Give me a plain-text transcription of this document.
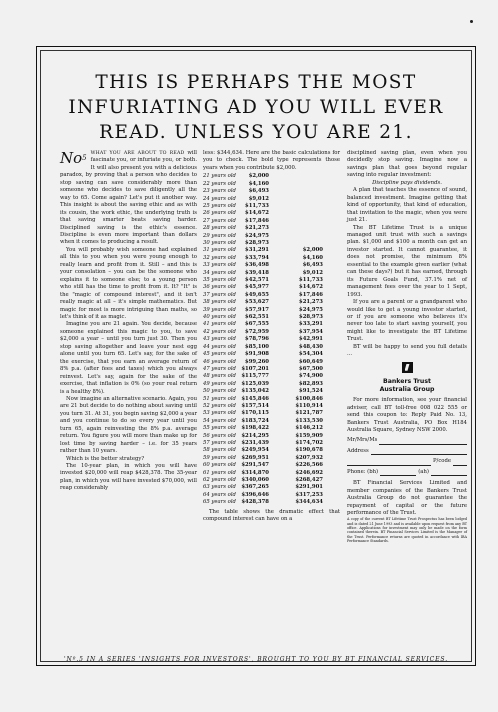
THIS IS PERHAPS THE MOST
INFURIATING AD YOU WILL EVER
READ. UNLESS YOU ARE 21.

No$^5$
WHAT YOU ARE ABOUT TO READ will fascinate you, or infuriate you, or both. It will also present you with a delicious paradox, by proving that a person who decides to stop saving can save considerably more than someone who decides to save diligently all the way to 65. Come again? Let's put it another way. This insight is about the saving ethic and as with its cousin, the work ethic, the underlying truth is that saving smarter beats saving harder. Disciplined saving is the ethic's essence. Discipline is even more important than dollars when it comes to producing a result.

You will probably wish someone had explained all this to you when you were young enough to really learn and profit from it. Still – and this is your consolation – you can be the someone who explains it to someone else; to a young person who still has the time to profit from it. It? "It" is the "magic of compound interest", and it isn't really magic at all – it's simple mathematics. But magic for most is more intriguing than maths, so let's think of it as magic.

Imagine you are 21 again. You decide, because someone explained this magic to you, to save $2,000 a year – until you turn just 30. Then you stop saving altogether and leave your nest egg alone until you turn 65. Let's say, for the sake of the exercise, that you earn an average return of 8% p.a. (after fees and taxes) which you always reinvest. Let's say, again for the sake of the exercise, that inflation is 0% (so your real return is a healthy 8%).

Now imagine an alternative scenario. Again, you are 21 but decide to do nothing about saving until you turn 31. At 31, you begin saving $2,000 a year and you continue to do so every year until you turn 65, again reinvesting the 8% p.a. average return. You figure you will more than make up for lost time by saving harder – i.e. for 35 years rather than 10 years.

Which is the better strategy?

The 10-year plan, in which you will have invested $20,000 will reap $428,378. The 35-year plan, in which you will have invested $70,000, will reap considerably

less: $344,634. Here are the basic calculations for you to check. The bold type represents those years when you contribute $2,000.

21 years old	$2,000
22 years old	$4,160
23 years old	$6,493
24 years old	$9,012
25 years old	$11,733
26 years old	$14,672
27 years old	$17,846
28 years old	$21,273
29 years old	$24,975
30 years old	$28,973
31 years old	$31,291	$2,000
32 years old	$33,794	$4,160
33 years old	$36,498	$6,493
34 years old	$39,418	$9,012
35 years old	$42,571	$11,733
36 years old	$45,977	$14,672
37 years old	$49,655	$17,846
38 years old	$53,627	$21,273
39 years old	$57,917	$24,975
40 years old	$62,551	$28,973
41 years old	$67,555	$33,291
42 years old	$72,959	$37,954
43 years old	$78,796	$42,991
44 years old	$85,100	$48,430
45 years old	$91,908	$54,304
46 years old	$99,260	$60,649
47 years old	$107,201	$67,500
48 years old	$115,777	$74,900
49 years old	$125,039	$82,893
50 years old	$135,042	$91,524
51 years old	$145,846	$100,846
52 years old	$157,514	$110,914
53 years old	$170,115	$121,787
54 years old	$183,724	$133,530
55 years old	$198,422	$146,212
56 years old	$214,295	$159,909
57 years old	$231,439	$174,702
58 years old	$249,954	$190,678
59 years old	$269,951	$207,932
60 years old	$291,547	$226,566
61 years old	$314,870	$246,692
62 years old	$340,060	$268,427
63 years old	$367,265	$291,901
64 years old	$396,646	$317,253
65 years old	$428,378	$344,634

The table shows the dramatic effect that compound interest can have on a

disciplined saving plan, even when you decidedly stop saving. Imagine now a savings plan that goes beyond regular saving into regular investment:

Discipline pays dividends.

A plan that teaches the essence of sound, balanced investment. Imagine getting that kind of opportunity, that kind of education, that invitation to the magic, when you were just 21.

The BT Lifetime Trust is a unique managed unit trust with such a savings plan. $1,000 and $100 a month can get an investor started. It cannot guarantee, it does not promise, the minimum 8% essential to the example given earlier (what can these days?) but it has earned, through its Future Goals Fund, 37.1% net of management fees over the year to 1 Sept, 1993.

If you are a parent or a grandparent who would like to get a young investor started, or if you are someone who believes it's never too late to start saving yourself, you might like to investigate the BT Lifetime Trust.

BT will be happy to send you full details ...

Bankers Trust
Australia Group

For more information, see your financial adviser, call BT toll-free 008 022 555 or send this coupon to: Reply Paid No. 13, Bankers Trust Australia, PO Box H184 Australia Square, Sydney NSW 2000.

Mr/Mrs/Ms
Address
P/code
Phone: (bh)	(ah)

BT Financial Services Limited and member companies of the Bankers Trust Australia Group do not guarantee the repayment of capital or the future performance of the Trust.

A copy of the current BT Lifetime Trust Prospectus has been lodged and is dated 21 June 1993 and is available upon request from any BT office. Applications for investment may only be made on the form contained therein. BT Financial Services Limited is the Manager of the Trust. Performance returns are quoted in accordance with IBA Performance Standards.

'Nº.5 IN A SERIES 'INSIGHTS FOR INVESTORS', BROUGHT TO YOU BY BT FINANCIAL SERVICES.
